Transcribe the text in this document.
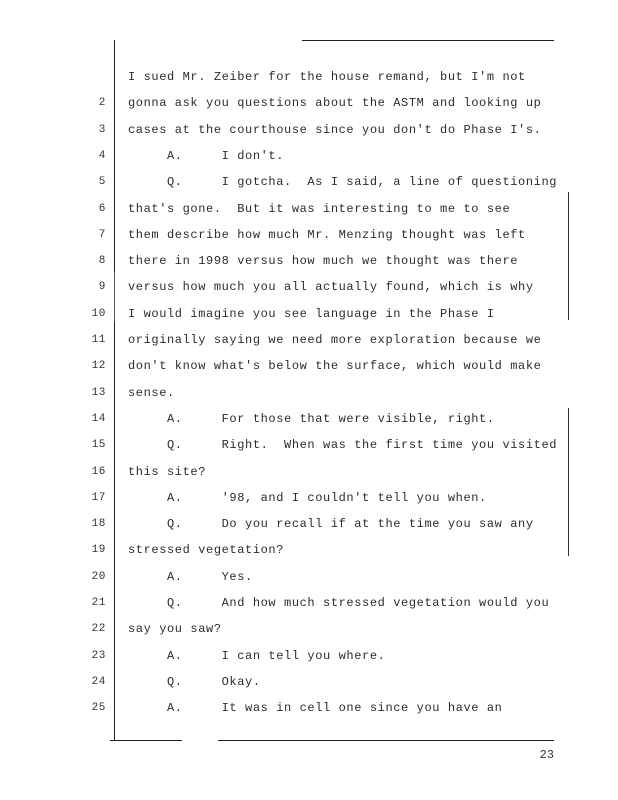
I sued Mr. Zeiber for the house remand, but I'm not
2 gonna ask you questions about the ASTM and looking up
3 cases at the courthouse since you don't do Phase I's.
4 A.     I don't.
5 Q.     I gotcha.  As I said, a line of questioning
6 that's gone.  But it was interesting to me to see
7 them describe how much Mr. Menzing thought was left
8 there in 1998 versus how much we thought was there
9 versus how much you all actually found, which is why
10 I would imagine you see language in the Phase I
11 originally saying we need more exploration because we
12 don't know what's below the surface, which would make
13 sense.
14 A.     For those that were visible, right.
15 Q.     Right.  When was the first time you visited
16 this site?
17 A.     '98, and I couldn't tell you when.
18 Q.     Do you recall if at the time you saw any
19 stressed vegetation?
20 A.     Yes.
21 Q.     And how much stressed vegetation would you
22 say you saw?
23 A.     I can tell you where.
24 Q.     Okay.
25 A.     It was in cell one since you have an
23
